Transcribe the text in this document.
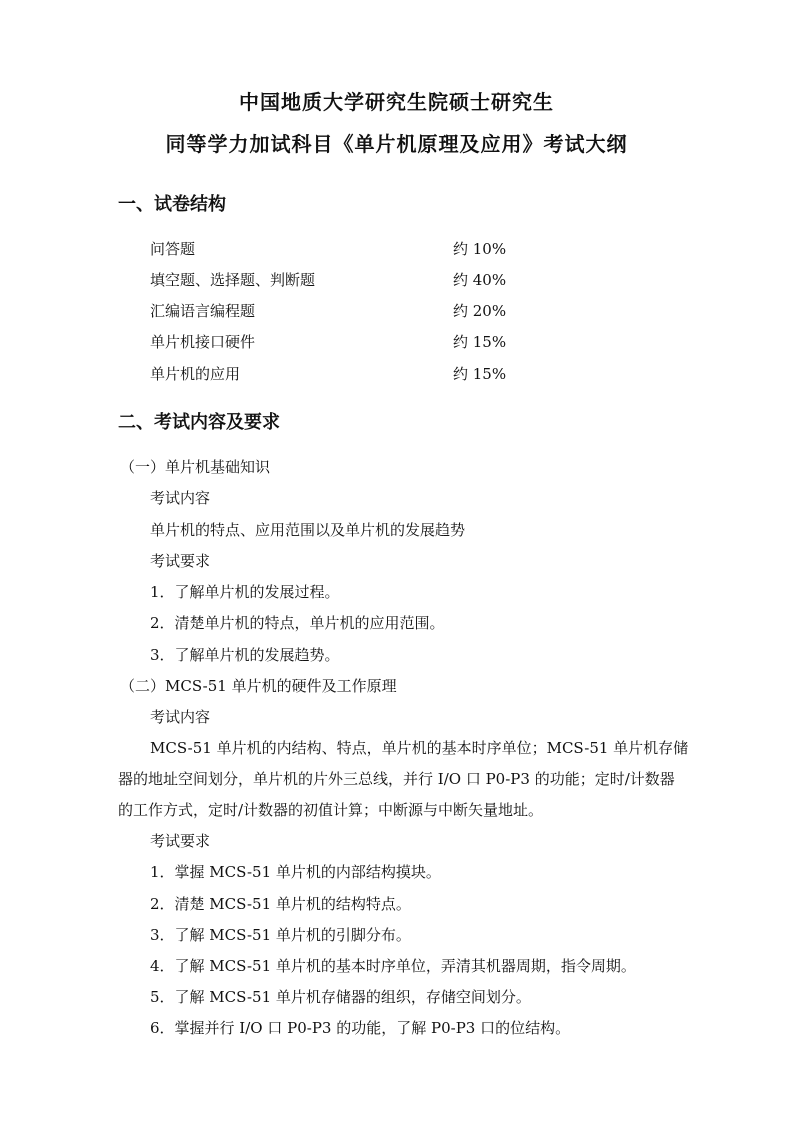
中国地质大学研究生院硕士研究生
同等学力加试科目《单片机原理及应用》考试大纲
一、试卷结构
问答题	约 10%
填空题、选择题、判断题	约 40%
汇编语言编程题	约 20%
单片机接口硬件	约 15%
单片机的应用	约 15%
二、考试内容及要求
（一）单片机基础知识
考试内容
单片机的特点、应用范围以及单片机的发展趋势
考试要求
1．了解单片机的发展过程。
2．清楚单片机的特点，单片机的应用范围。
3．了解单片机的发展趋势。
（二）MCS-51 单片机的硬件及工作原理
考试内容
MCS-51 单片机的内结构、特点，单片机的基本时序单位；MCS-51 单片机存储
器的地址空间划分，单片机的片外三总线，并行 I/O 口 P0-P3 的功能；定时/计数器
的工作方式，定时/计数器的初值计算；中断源与中断矢量地址。
考试要求
1．掌握 MCS-51 单片机的内部结构摸块。
2．清楚 MCS-51 单片机的结构特点。
3．了解 MCS-51 单片机的引脚分布。
4．了解 MCS-51 单片机的基本时序单位，弄清其机器周期，指令周期。
5．了解 MCS-51 单片机存储器的组织，存储空间划分。
6．掌握并行 I/O 口 P0-P3 的功能，了解 P0-P3 口的位结构。
